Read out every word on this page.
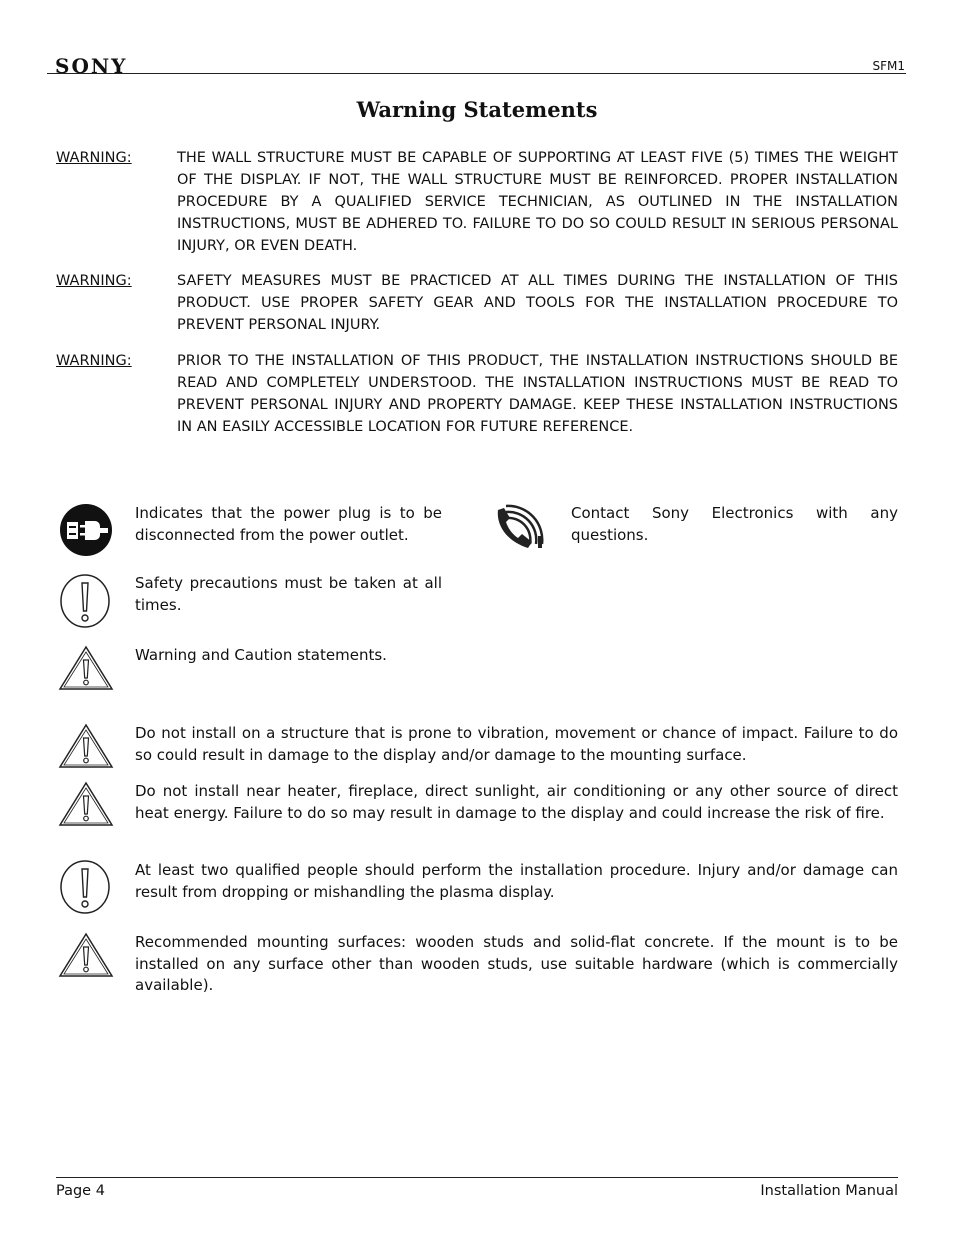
SONY	SFM1
Warning Statements
WARNING:	THE WALL STRUCTURE MUST BE CAPABLE OF SUPPORTING AT LEAST FIVE (5) TIMES THE WEIGHT OF THE DISPLAY. IF NOT, THE WALL STRUCTURE MUST BE REINFORCED. PROPER INSTALLATION PROCEDURE BY A QUALIFIED SERVICE TECHNICIAN, AS OUTLINED IN THE INSTALLATION INSTRUCTIONS, MUST BE ADHERED TO. FAILURE TO DO SO COULD RESULT IN SERIOUS PERSONAL INJURY, OR EVEN DEATH.
WARNING:	SAFETY MEASURES MUST BE PRACTICED AT ALL TIMES DURING THE INSTALLATION OF THIS PRODUCT. USE PROPER SAFETY GEAR AND TOOLS FOR THE INSTALLATION PROCEDURE TO PREVENT PERSONAL INJURY.
WARNING:	PRIOR TO THE INSTALLATION OF THIS PRODUCT, THE INSTALLATION INSTRUCTIONS SHOULD BE READ AND COMPLETELY UNDERSTOOD. THE INSTALLATION INSTRUCTIONS MUST BE READ TO PREVENT PERSONAL INJURY AND PROPERTY DAMAGE. KEEP THESE INSTALLATION INSTRUCTIONS IN AN EASILY ACCESSIBLE LOCATION FOR FUTURE REFERENCE.
Indicates that the power plug is to be disconnected from the power outlet.
Contact Sony Electronics with any questions.
Safety precautions must be taken at all times.
Warning and Caution statements.
Do not install on a structure that is prone to vibration, movement or chance of impact. Failure to do so could result in damage to the display and/or damage to the mounting surface.
Do not install near heater, fireplace, direct sunlight, air conditioning or any other source of direct heat energy. Failure to do so may result in damage to the display and could increase the risk of fire.
At least two qualified people should perform the installation procedure. Injury and/or damage can result from dropping or mishandling the plasma display.
Recommended mounting surfaces: wooden studs and solid-flat concrete. If the mount is to be installed on any surface other than wooden studs, use suitable hardware (which is commercially available).
Page 4	Installation Manual
